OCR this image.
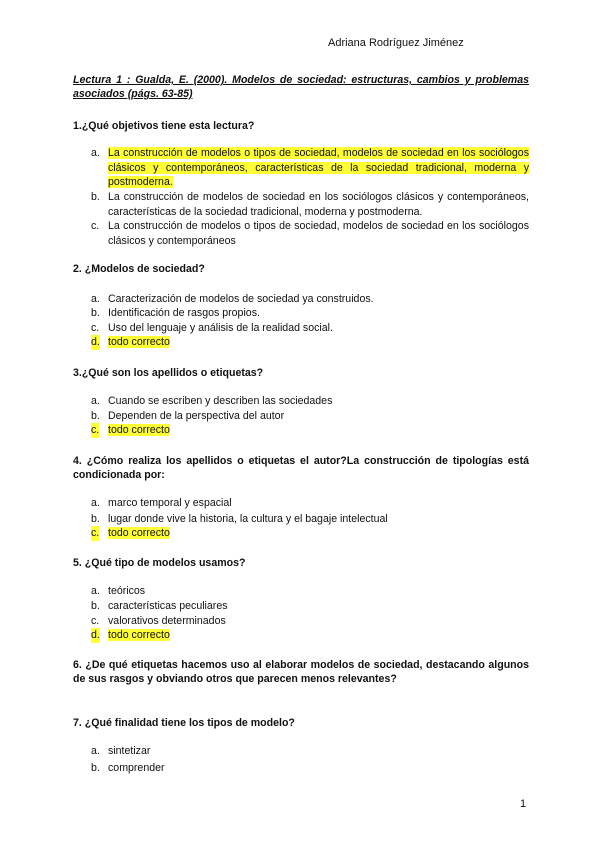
Adriana Rodríguez Jiménez
Lectura 1 : Gualda, E. (2000). Modelos de sociedad: estructuras, cambios y problemas asociados (págs. 63-85)
1.¿Qué objetivos tiene esta lectura?
a. La construcción de modelos o tipos de sociedad, modelos de sociedad en los sociólogos clásicos y contemporáneos, características de la sociedad tradicional, moderna y postmoderna.
b. La construcción de modelos de sociedad en los sociólogos clásicos y contemporáneos, características de la sociedad tradicional, moderna y postmoderna.
c. La construcción de modelos o tipos de sociedad, modelos de sociedad en los sociólogos clásicos y contemporáneos
2. ¿Modelos de sociedad?
a. Caracterización de modelos de sociedad ya construidos.
b. Identificación de rasgos propios.
c. Uso del lenguaje y análisis de la realidad social.
d. todo correcto
3.¿Qué son los apellidos o etiquetas?
a. Cuando se escriben y describen las sociedades
b. Dependen de la perspectiva del autor
c. todo correcto
4. ¿Cómo realiza los apellidos o etiquetas el autor?La construcción de tipologías está condicionada por:
a. marco temporal y espacial
b. lugar donde vive la historia, la cultura y el bagaje intelectual
c. todo correcto
5. ¿Qué tipo de modelos usamos?
a. teóricos
b. características peculiares
c. valorativos determinados
d. todo correcto
6. ¿De qué etiquetas hacemos uso al elaborar modelos de sociedad, destacando algunos de sus rasgos y obviando otros que parecen menos relevantes?
7. ¿Qué finalidad tiene los tipos de modelo?
a. sintetizar
b. comprender
1
